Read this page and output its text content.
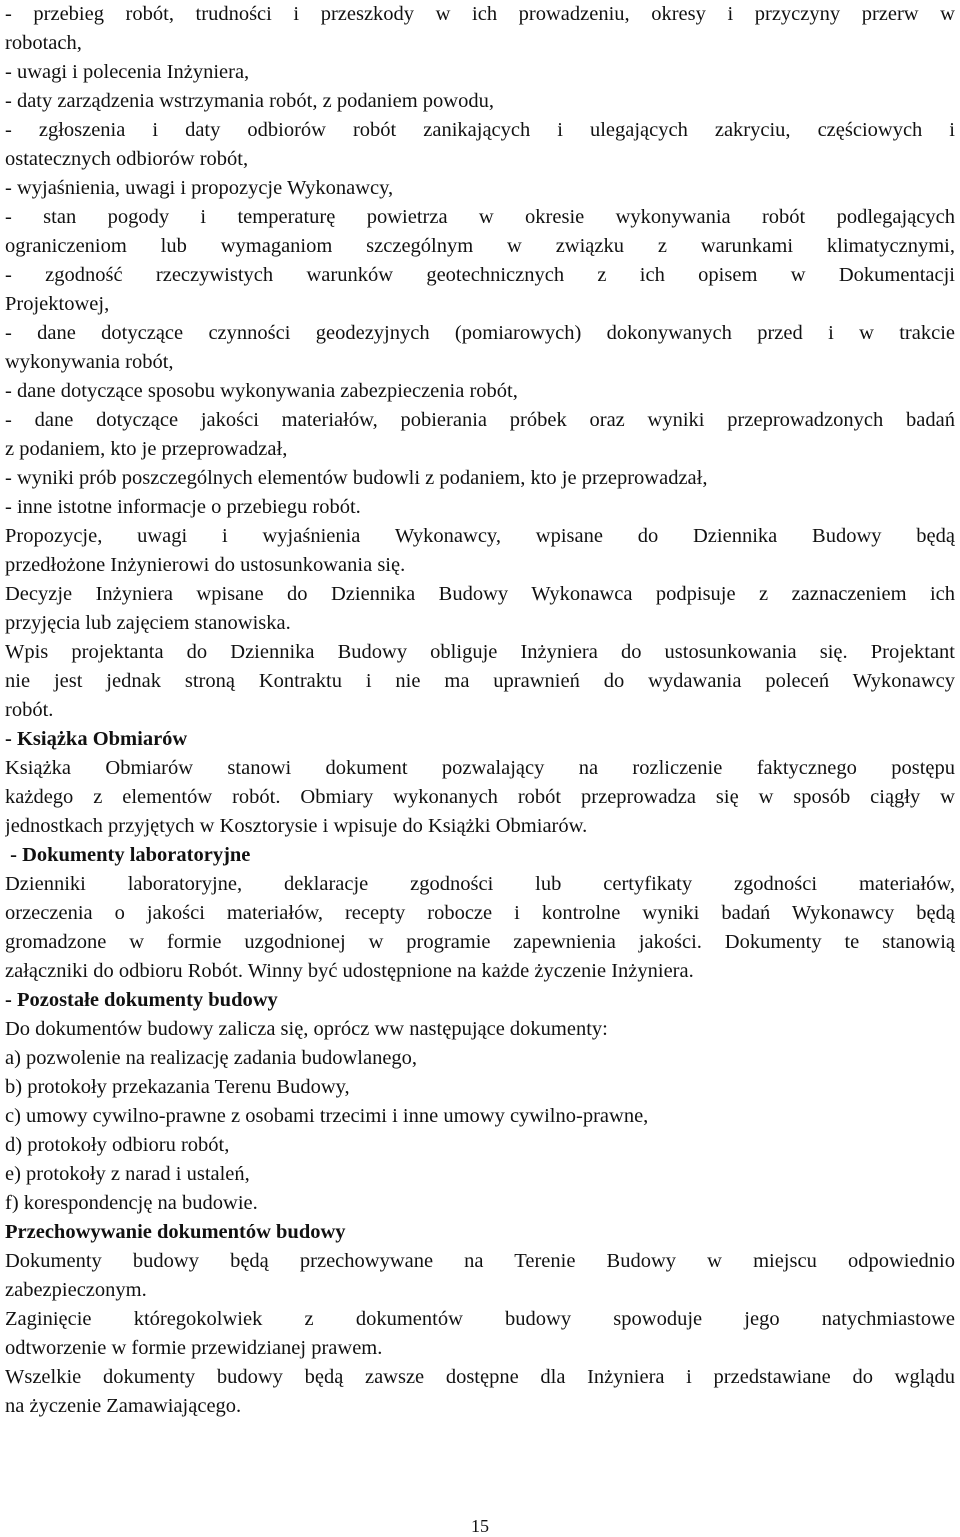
- przebieg robót, trudności i przeszkody w ich prowadzeniu, okresy i przyczyny przerw w
robotach,
- uwagi i polecenia Inżyniera,
- daty zarządzenia wstrzymania robót, z podaniem powodu,
- zgłoszenia i daty odbiorów robót zanikających i ulegających zakryciu, częściowych i
ostatecznych odbiorów robót,
- wyjaśnienia, uwagi i propozycje Wykonawcy,
- stan pogody i temperaturę powietrza w okresie wykonywania robót podlegających
ograniczeniom lub wymaganiom szczególnym w związku z warunkami klimatycznymi,
- zgodność rzeczywistych warunków geotechnicznych z ich opisem w Dokumentacji
Projektowej,
- dane dotyczące czynności geodezyjnych (pomiarowych) dokonywanych przed i w trakcie
wykonywania robót,
- dane dotyczące sposobu wykonywania zabezpieczenia robót,
- dane dotyczące jakości materiałów, pobierania próbek oraz wyniki przeprowadzonych badań
z podaniem, kto je przeprowadzał,
- wyniki prób poszczególnych elementów budowli z podaniem, kto je przeprowadzał,
- inne istotne informacje o przebiegu robót.
Propozycje, uwagi i wyjaśnienia Wykonawcy, wpisane do Dziennika Budowy będą
przedłożone Inżynierowi do ustosunkowania się.
Decyzje Inżyniera wpisane do Dziennika Budowy Wykonawca podpisuje z zaznaczeniem ich
przyjęcia lub zajęciem stanowiska.
Wpis projektanta do Dziennika Budowy obliguje Inżyniera do ustosunkowania się. Projektant
nie jest jednak stroną Kontraktu i nie ma uprawnień do wydawania poleceń Wykonawcy
robót.
- Książka Obmiarów
Książka Obmiarów stanowi dokument pozwalający na rozliczenie faktycznego postępu
każdego z elementów robót. Obmiary wykonanych robót przeprowadza się w sposób ciągły w
jednostkach przyjętych w Kosztorysie i wpisuje do Książki Obmiarów.
- Dokumenty laboratoryjne
Dzienniki laboratoryjne, deklaracje zgodności lub certyfikaty zgodności materiałów,
orzeczenia o jakości materiałów, recepty robocze i kontrolne wyniki badań Wykonawcy będą
gromadzone w formie uzgodnionej w programie zapewnienia jakości. Dokumenty te stanowią
załączniki do odbioru Robót. Winny być udostępnione na każde życzenie Inżyniera.
- Pozostałe dokumenty budowy
Do dokumentów budowy zalicza się, oprócz ww następujące dokumenty:
a) pozwolenie na realizację zadania budowlanego,
b) protokoły przekazania Terenu Budowy,
c) umowy cywilno-prawne z osobami trzecimi i inne umowy cywilno-prawne,
d) protokoły odbioru robót,
e) protokoły z narad i ustaleń,
f) korespondencję na budowie.
Przechowywanie dokumentów budowy
Dokumenty budowy będą przechowywane na Terenie Budowy w miejscu odpowiednio
zabezpieczonym.
Zaginięcie któregokolwiek z dokumentów budowy spowoduje jego natychmiastowe
odtworzenie w formie przewidzianej prawem.
Wszelkie dokumenty budowy będą zawsze dostępne dla Inżyniera i przedstawiane do wglądu
na życzenie Zamawiającego.
15
